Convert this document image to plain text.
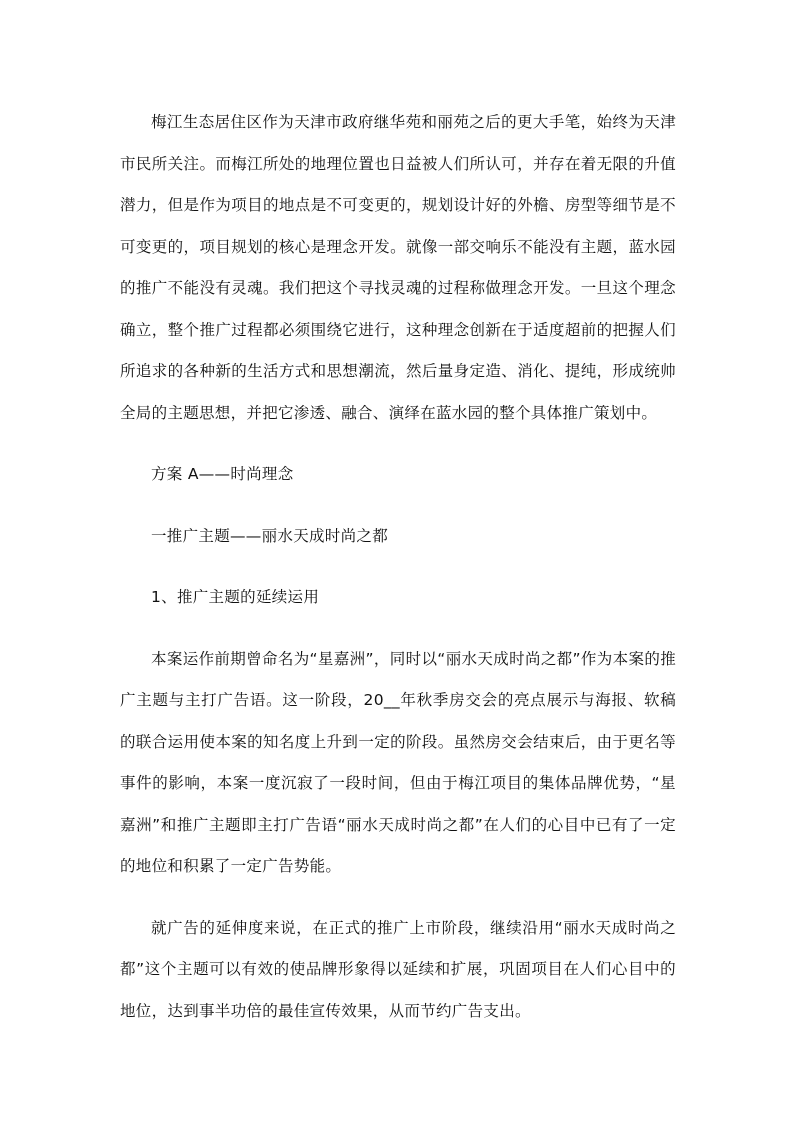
梅江生态居住区作为天津市政府继华苑和丽苑之后的更大手笔，始终为天津市民所关注。而梅江所处的地理位置也日益被人们所认可，并存在着无限的升值潜力，但是作为项目的地点是不可变更的，规划设计好的外檐、房型等细节是不可变更的，项目规划的核心是理念开发。就像一部交响乐不能没有主题，蓝水园的推广不能没有灵魂。我们把这个寻找灵魂的过程称做理念开发。一旦这个理念确立，整个推广过程都必须围绕它进行，这种理念创新在于适度超前的把握人们所追求的各种新的生活方式和思想潮流，然后量身定造、消化、提纯，形成统帅全局的主题思想，并把它渗透、融合、演绎在蓝水园的整个具体推广策划中。

方案 A——时尚理念

一推广主题——丽水天成时尚之都

1、推广主题的延续运用

本案运作前期曾命名为“星嘉洲”，同时以“丽水天成时尚之都”作为本案的推广主题与主打广告语。这一阶段，20__年秋季房交会的亮点展示与海报、软稿的联合运用使本案的知名度上升到一定的阶段。虽然房交会结束后，由于更名等事件的影响，本案一度沉寂了一段时间，但由于梅江项目的集体品牌优势，“星嘉洲”和推广主题即主打广告语“丽水天成时尚之都”在人们的心目中已有了一定的地位和积累了一定广告势能。

就广告的延伸度来说，在正式的推广上市阶段，继续沿用“丽水天成时尚之都”这个主题可以有效的使品牌形象得以延续和扩展，巩固项目在人们心目中的地位，达到事半功倍的最佳宣传效果，从而节约广告支出。
